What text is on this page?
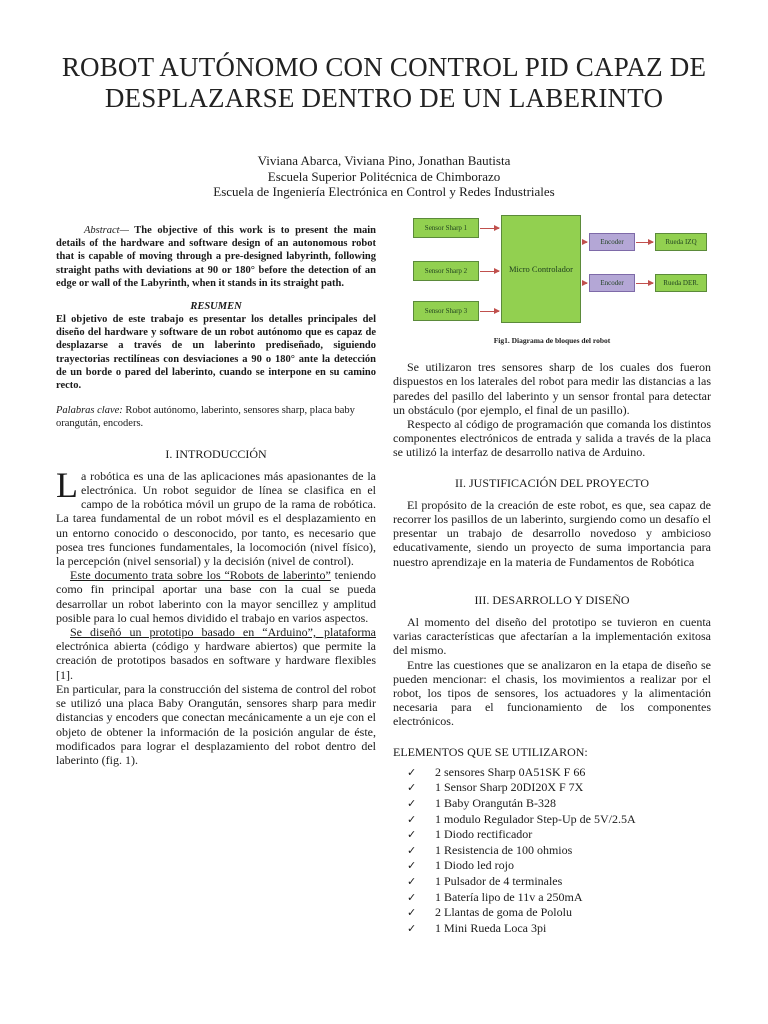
ROBOT AUTÓNOMO CON CONTROL PID CAPAZ DE DESPLAZARSE DENTRO DE UN LABERINTO
Viviana Abarca, Viviana Pino, Jonathan Bautista
Escuela Superior Politécnica de Chimborazo
Escuela de Ingeniería Electrónica en Control y Redes Industriales

Abstract— The objective of this work is to present the main details of the hardware and software design of an autonomous robot that is capable of moving through a pre-designed labyrinth, following straight paths with deviations at 90 or 180° before the detection of an edge or wall of the Labyrinth, when it stands in its straight path.

RESUMEN

El objetivo de este trabajo es presentar los detalles principales del diseño del hardware y software de un robot autónomo que es capaz de desplazarse a través de un laberinto prediseñado, siguiendo trayectorias rectilíneas con desviaciones a 90 o 180° ante la detección de un borde o pared del laberinto, cuando se interpone en su camino recto.

Palabras clave: Robot autónomo, laberinto, sensores sharp, placa baby orangután, encoders.

I. INTRODUCCIÓN

La robótica es una de las aplicaciones más apasionantes de la electrónica. Un robot seguidor de línea se clasifica en el campo de la robótica móvil un grupo de la rama de robótica. La tarea fundamental de un robot móvil es el desplazamiento en un entorno conocido o desconocido, por tanto, es necesario que posea tres funciones fundamentales, la locomoción (nivel físico), la percepción (nivel sensorial) y la decisión (nivel de control).

Este documento trata sobre los “Robots de laberinto” teniendo como fin principal aportar una base con la cual se pueda desarrollar un robot laberinto con la mayor sencillez y amplitud posible para lo cual hemos dividido el trabajo en varios aspectos.

Se diseñó un prototipo basado en “Arduino”, plataforma electrónica abierta (código y hardware abiertos) que permite la creación de prototipos basados en software y hardware flexibles [1].

En particular, para la construcción del sistema de control del robot se utilizó una placa Baby Orangután, sensores sharp para medir distancias y encoders que conectan mecánicamente a un eje con el objeto de obtener la información de la posición angular de éste, modificados para lograr el desplazamiento del robot dentro del laberinto (fig. 1).

Sensor Sharp 1
Sensor Sharp 2
Sensor Sharp 3
Micro Controlador
Encoder
Encoder
Rueda IZQ
Rueda DER.
Fig1. Diagrama de bloques del robot

Se utilizaron tres sensores sharp de los cuales dos fueron dispuestos en los laterales del robot para medir las distancias a las paredes del pasillo del laberinto y un sensor frontal para detectar un obstáculo (por ejemplo, el final de un pasillo).

Respecto al código de programación que comanda los distintos componentes electrónicos de entrada y salida a través de la placa se utilizó la interfaz de desarrollo nativa de Arduino.

II. JUSTIFICACIÓN DEL PROYECTO

El propósito de la creación de este robot, es que, sea capaz de recorrer los pasillos de un laberinto, surgiendo como un desafío el presentar un trabajo de desarrollo novedoso y ambicioso educativamente, siendo un proyecto de suma importancia para nuestro aprendizaje en la materia de Fundamentos de Robótica

III. DESARROLLO Y DISEÑO

Al momento del diseño del prototipo se tuvieron en cuenta varias características que afectarían a la implementación exitosa del mismo.

Entre las cuestiones que se analizaron en la etapa de diseño se pueden mencionar: el chasis, los movimientos a realizar por el robot, los tipos de sensores, los actuadores y la alimentación necesaria para el funcionamiento de los componentes electrónicos.

ELEMENTOS QUE SE UTILIZARON:
✓ 2 sensores Sharp 0A51SK F 66
✓ 1 Sensor Sharp 20DI20X F 7X
✓ 1 Baby Orangután B-328
✓ 1 modulo Regulador Step-Up de 5V/2.5A
✓ 1 Diodo rectificador
✓ 1 Resistencia de 100 ohmios
✓ 1 Diodo led rojo
✓ 1 Pulsador de 4 terminales
✓ 1 Batería lipo de 11v a 250mA
✓ 2 Llantas de goma de Pololu
✓ 1 Mini Rueda Loca 3pi
